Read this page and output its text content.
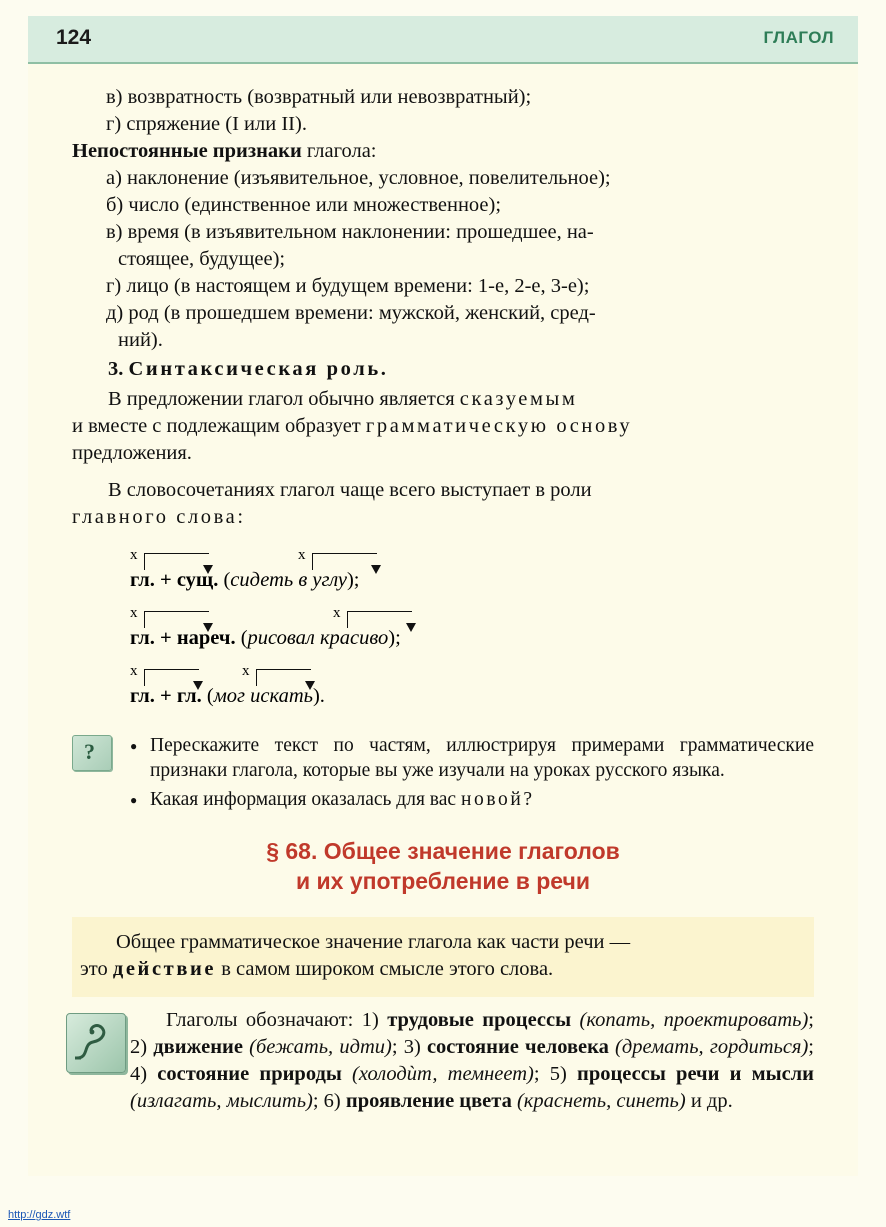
124	ГЛАГОЛ

в) возвратность (возвратный или невозвратный);

г) спряжение (I или II).

Непостоянные признаки глагола:

а) наклонение (изъявительное, условное, повелительное);

б) число (единственное или множественное);

в) время (в изъявительном наклонении: прошедшее, на-

стоящее, будущее);

г) лицо (в настоящем и будущем времени: 1-е, 2-е, 3-е);

д) род (в прошедшем времени: мужской, женский, сред-

ний).

3. Синтаксическая роль.

В предложении глагол обычно является сказуемым

и вместе с подлежащим образует грамматическую основу

предложения.

В словосочетаниях глагол чаще всего выступает в роли

главного слова:

х	х
гл. + сущ. (сидеть в углу);
х	х
гл. + нареч. (рисовал красиво);
х	х
гл. + гл. (мог искать).
?	● Перескажите текст по частям, иллюстрируя примерами грамматические признаки глагола, которые вы уже изучали на уроках русского языка.

● Какая информация оказалась для вас новой?

§ 68. Общее значение глаголов
и их употребление в речи

Общее грамматическое значение глагола как части речи —

это действие в самом широком смысле этого слова.

Глаголы обозначают: 1) трудовые процессы (копать, проектировать); 2) движение (бежать, идти); 3) состояние человека (дремать, гордиться); 4) состояние природы (холодѝт, темнеет); 5) процессы речи и мысли (излагать, мыслить); 6) проявление цвета (краснеть, синеть) и др.

http://gdz.wtf
